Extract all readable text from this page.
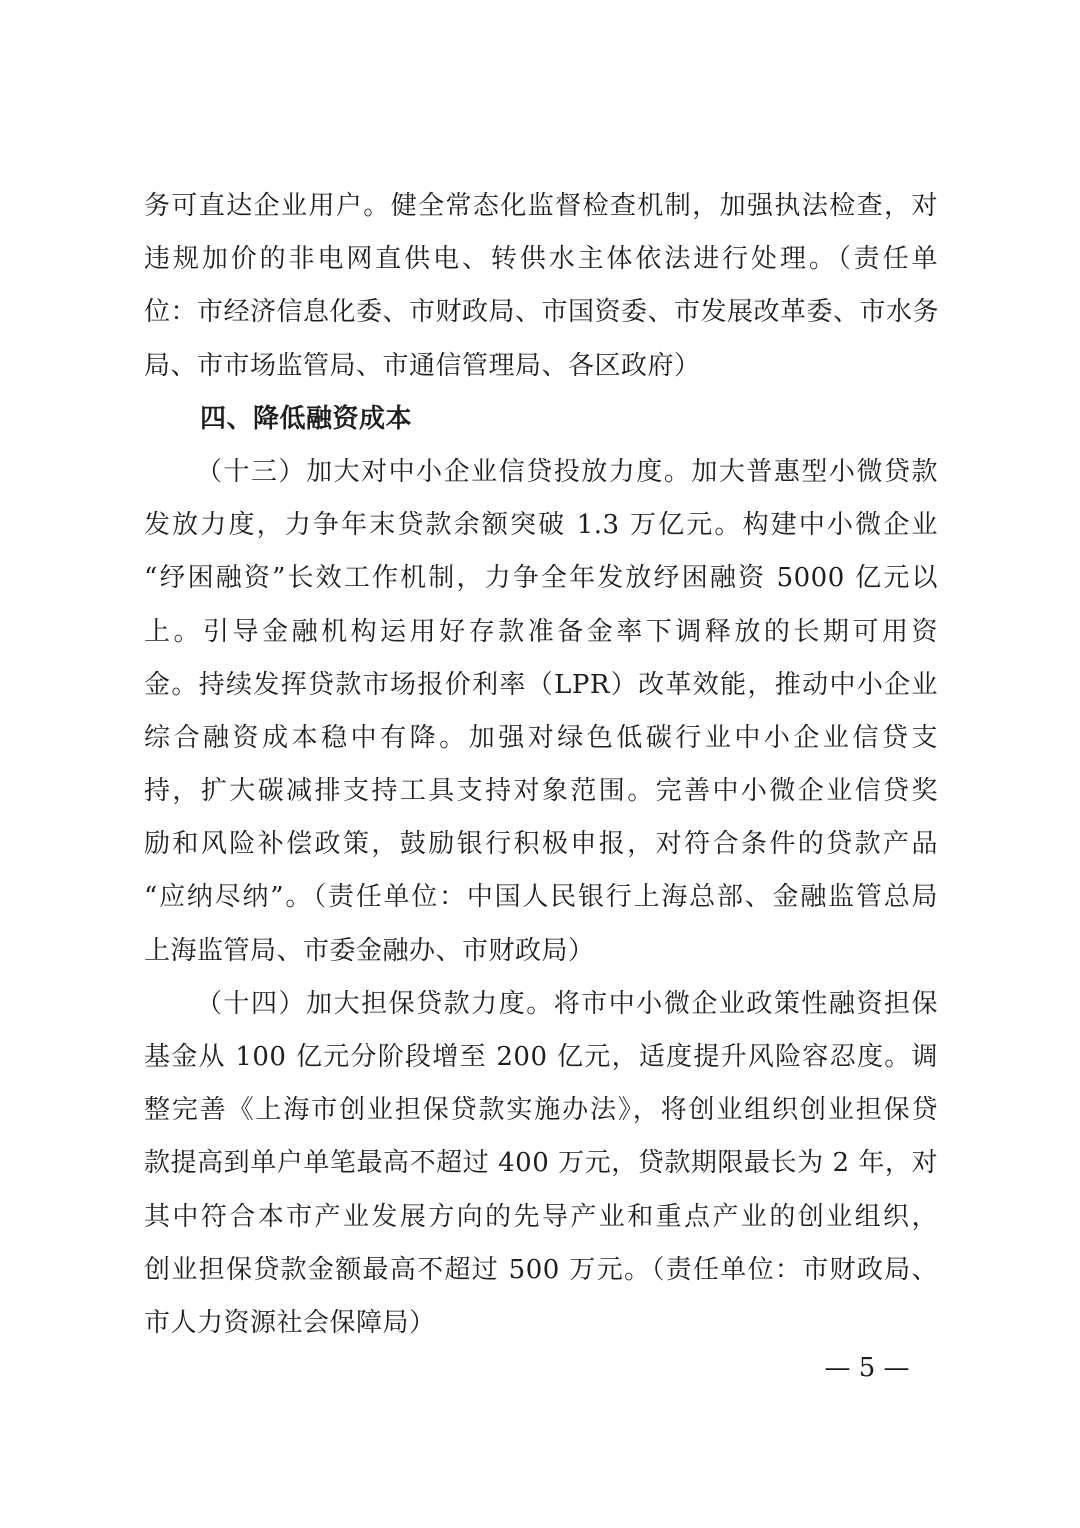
务可直达企业用户。健全常态化监督检查机制，加强执法检查，对
违规加价的非电网直供电、转供水主体依法进行处理。（责任单
位：市经济信息化委、市财政局、市国资委、市发展改革委、市水务
局、市市场监管局、市通信管理局、各区政府）
四、降低融资成本
（十三）加大对中小企业信贷投放力度。加大普惠型小微贷款
发放力度，力争年末贷款余额突破 1.3 万亿元。构建中小微企业
“纾困融资”长效工作机制，力争全年发放纾困融资 5000 亿元以
上。引导金融机构运用好存款准备金率下调释放的长期可用资
金。持续发挥贷款市场报价利率（LPR）改革效能，推动中小企业
综合融资成本稳中有降。加强对绿色低碳行业中小企业信贷支
持，扩大碳减排支持工具支持对象范围。完善中小微企业信贷奖
励和风险补偿政策，鼓励银行积极申报，对符合条件的贷款产品
“应纳尽纳”。（责任单位：中国人民银行上海总部、金融监管总局
上海监管局、市委金融办、市财政局）
（十四）加大担保贷款力度。将市中小微企业政策性融资担保
基金从 100 亿元分阶段增至 200 亿元，适度提升风险容忍度。调
整完善《上海市创业担保贷款实施办法》，将创业组织创业担保贷
款提高到单户单笔最高不超过 400 万元，贷款期限最长为 2 年，对
其中符合本市产业发展方向的先导产业和重点产业的创业组织，
创业担保贷款金额最高不超过 500 万元。（责任单位：市财政局、
市人力资源社会保障局）
— 5 —
